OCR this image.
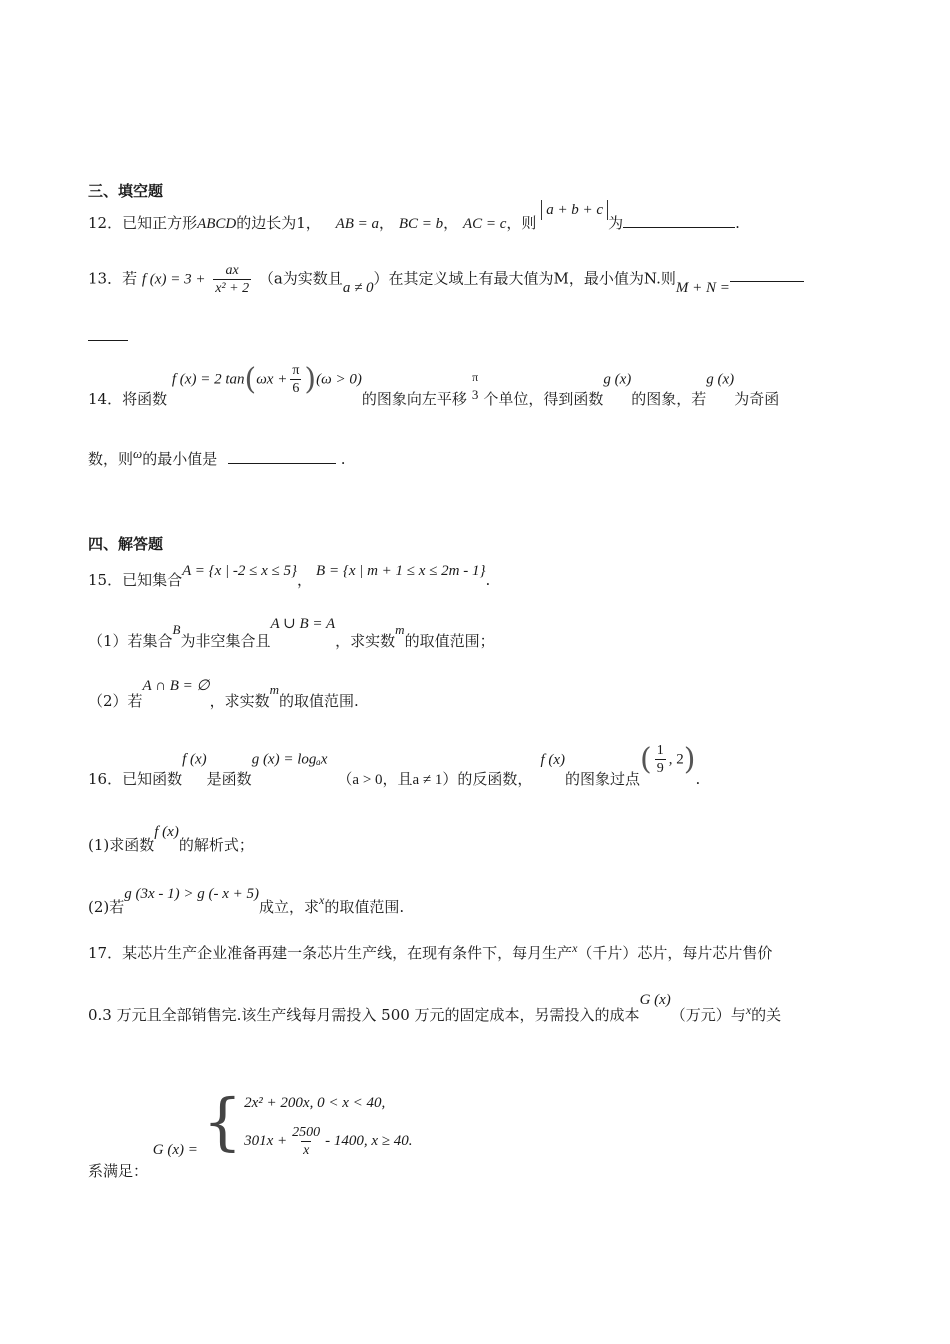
三、填空题
12．已知正方形ABCD的边长为1， AB = a， BC = b， AC = c，则 a + b + c为	.
13．若 f $(x) = 3 + \frac{ax}{\text{x² + 2}} (a$为实数且a ≠ 0）在其定义域上有最大值为M，最小值为N.则M + N =
14．将函数 f (x) = 2 $\tan(\omega x + \frac{\pi}{6} )(\omega > 0)$的图象向左平移
π
3 个单位，得到函数g (x)的图象，若g (x)为奇函
数，则ω的最小值是	.
四、解答题
15．已知集合A = {x | -2 ≤ x ≤ 5}， B = {x | m + 1 ≤ x ≤ 2m - 1}.
（1）若集合B为非空集合且A ∪ B = A，求实数m的取值范围；
（2）若A ∩ B = ∅，求实数m的取值范围.
16．已知函数f (x)是函数g (x) = logₐx（a > 0，且a ≠ 1）的反函数，f (x)的图象过点( $\frac{1}{9}$ , 2).
(1)求函数f (x)的解析式；
(2)若g (3x - 1) > g (- x + 5)成立，求$^x$的取值范围.
17．某芯片生产企业准备再建一条芯片生产线，在现有条件下，每月生产$^x$（千片）芯片，每片芯片售价
0.3 万元且全部销售完.该生产线每月需投入 500 万元的固定成本，另需投入的成本G (x)（万元）与$^x$的关
系满足： G (x) = { 2x² + 200x, 0 < x < 40,
$301x + \frac{2500}{x} - 1400$, x ≥ 40.
